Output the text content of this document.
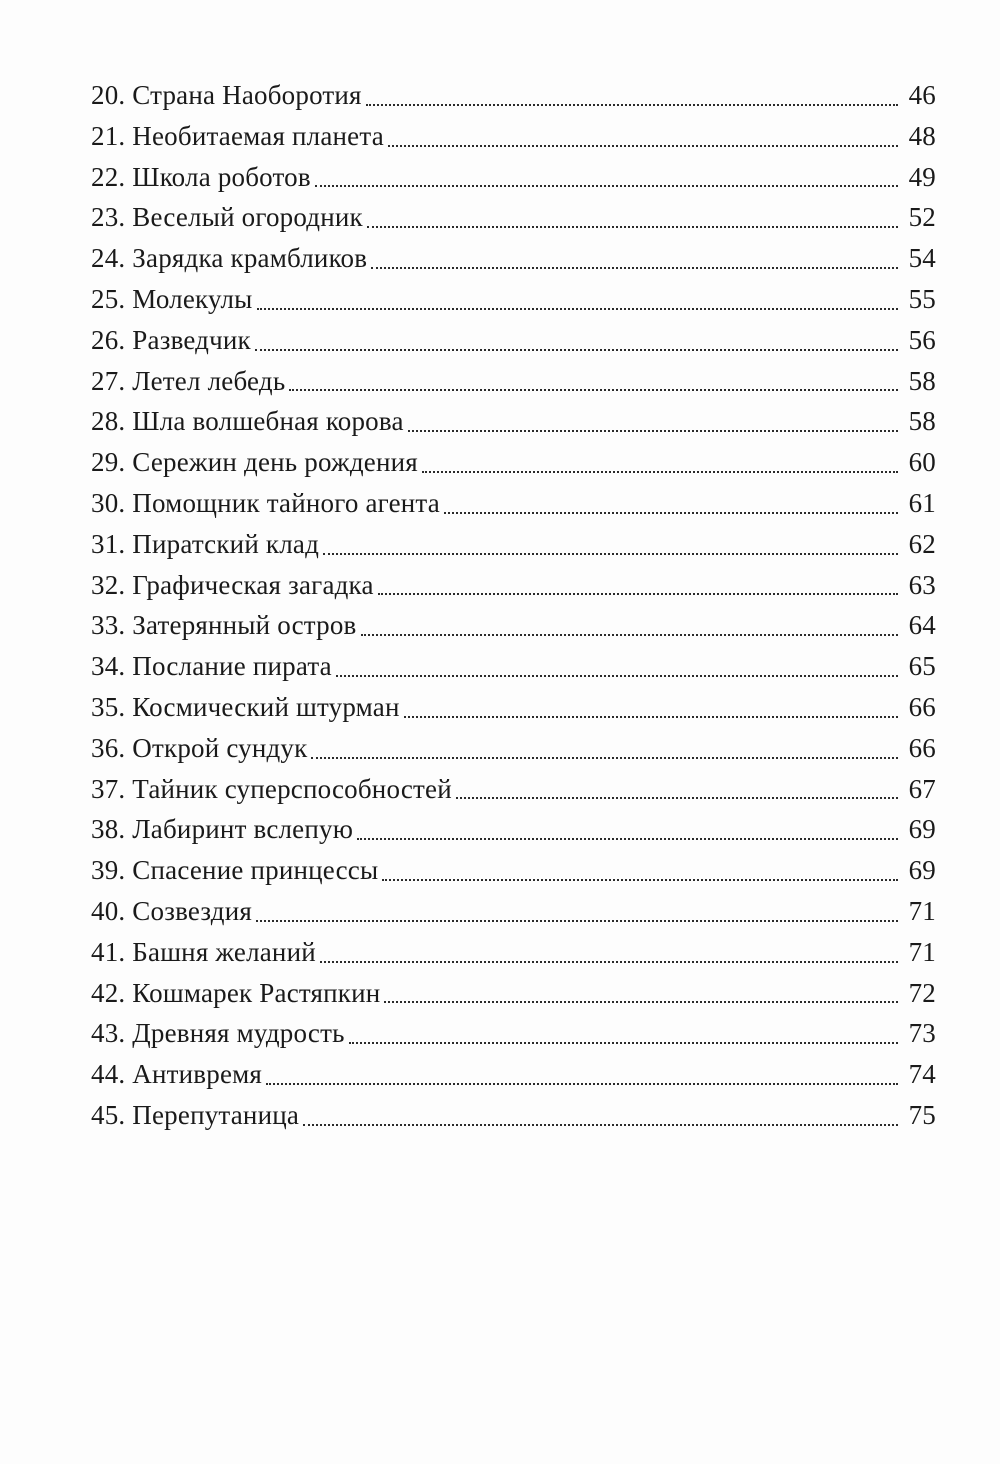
20. Страна Наоборотия	46
21. Необитаемая планета	48
22. Школа роботов	49
23. Веселый огородник	52
24. Зарядка крамбликов	54
25. Молекулы	55
26. Разведчик	56
27. Летел лебедь	58
28. Шла волшебная корова	58
29. Сережин день рождения	60
30. Помощник тайного агента	61
31. Пиратский клад	62
32. Графическая загадка	63
33. Затерянный остров	64
34. Послание пирата	65
35. Космический штурман	66
36. Открой сундук	66
37. Тайник суперспособностей	67
38. Лабиринт вслепую	69
39. Спасение принцессы	69
40. Созвездия	71
41. Башня желаний	71
42. Кошмарек Растяпкин	72
43. Древняя мудрость	73
44. Антивремя	74
45. Перепутаница	75
